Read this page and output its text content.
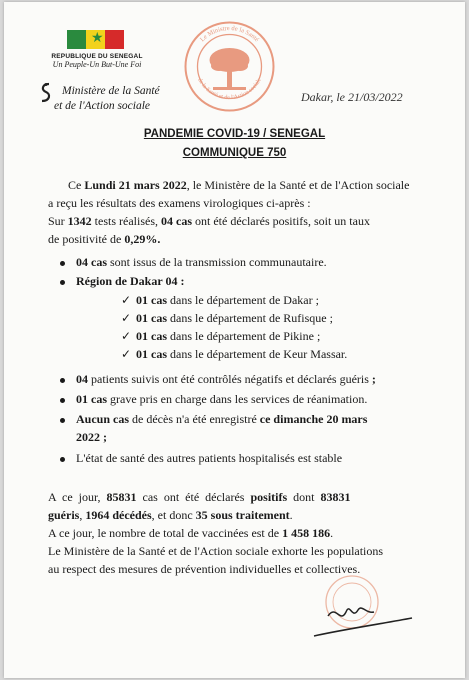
★
REPUBLIQUE DU SENEGAL
Un Peuple-Un But-Une Foi
Ministère de la Santé
et de l'Action sociale
Le Ministre de la Santé
de la Santé et de l'Action sociale
Dakar, le 21/03/2022
PANDEMIE COVID-19 / SENEGAL
COMMUNIQUE 750
Ce Lundi 21 mars 2022, le Ministère de la Santé et de l'Action sociale
a reçu les résultats des examens virologiques ci-après :
Sur 1342 tests réalisés, 04 cas ont été déclarés positifs, soit un taux
de positivité de 0,29%.
04 cas sont issus de la transmission communautaire.
Région de Dakar 04 :
✓ 01 cas dans le département de Dakar ;
✓ 01 cas dans le département de Rufisque ;
✓ 01 cas dans le département de Pikine ;
✓ 01 cas dans le département de Keur Massar.
04 patients suivis ont été contrôlés négatifs et déclarés guéris ;
01 cas grave pris en charge dans les services de réanimation.
Aucun cas de décès n'a été enregistré ce dimanche 20 mars
2022 ;
L'état de santé des autres patients hospitalisés est stable
A ce jour, 85831 cas ont été déclarés positifs dont 83831
guéris, 1964 décédés, et donc 35 sous traitement.
A ce jour, le nombre de total de vaccinées est de 1 458 186.
Le Ministère de la Santé et de l'Action sociale exhorte les populations
au respect des mesures de prévention individuelles et collectives.
